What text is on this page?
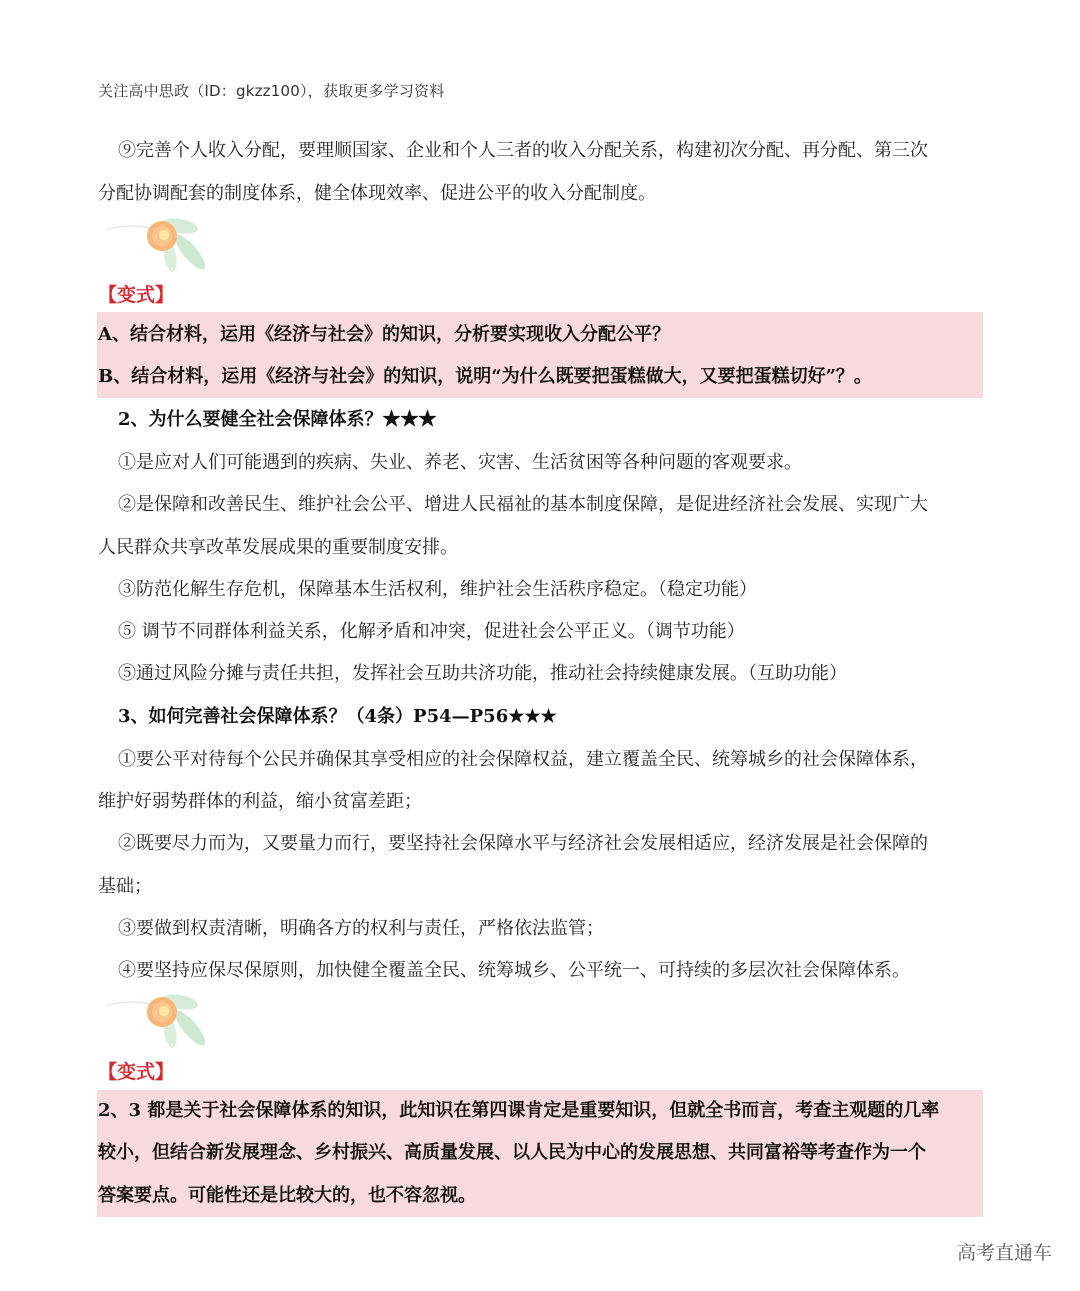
关注高中思政（ID：gkzz100），获取更多学习资料
⑨完善个人收入分配，要理顺国家、企业和个人三者的收入分配关系，构建初次分配、再分配、第三次
分配协调配套的制度体系，健全体现效率、促进公平的收入分配制度。
【变式】
A、结合材料，运用《经济与社会》的知识，分析要实现收入分配公平？
B、结合材料，运用《经济与社会》的知识，说明“为什么既要把蛋糕做大，又要把蛋糕切好”？。
2、为什么要健全社会保障体系？★★★
①是应对人们可能遇到的疾病、失业、养老、灾害、生活贫困等各种问题的客观要求。
②是保障和改善民生、维护社会公平、增进人民福祉的基本制度保障，是促进经济社会发展、实现广大
人民群众共享改革发展成果的重要制度安排。
③防范化解生存危机，保障基本生活权利，维护社会生活秩序稳定。（稳定功能）
⑤ 调节不同群体利益关系，化解矛盾和冲突，促进社会公平正义。（调节功能）
⑤通过风险分摊与责任共担，发挥社会互助共济功能，推动社会持续健康发展。（互助功能）
3、如何完善社会保障体系？（4条）P54—P56★★★
①要公平对待每个公民并确保其享受相应的社会保障权益，建立覆盖全民、统筹城乡的社会保障体系，
维护好弱势群体的利益，缩小贫富差距；
②既要尽力而为，又要量力而行，要坚持社会保障水平与经济社会发展相适应，经济发展是社会保障的
基础；
③要做到权责清晰，明确各方的权利与责任，严格依法监管；
④要坚持应保尽保原则，加快健全覆盖全民、统筹城乡、公平统一、可持续的多层次社会保障体系。
【变式】
2、3 都是关于社会保障体系的知识，此知识在第四课肯定是重要知识，但就全书而言，考查主观题的几率
较小，但结合新发展理念、乡村振兴、高质量发展、以人民为中心的发展思想、共同富裕等考查作为一个
答案要点。可能性还是比较大的，也不容忽视。
高考直通车
